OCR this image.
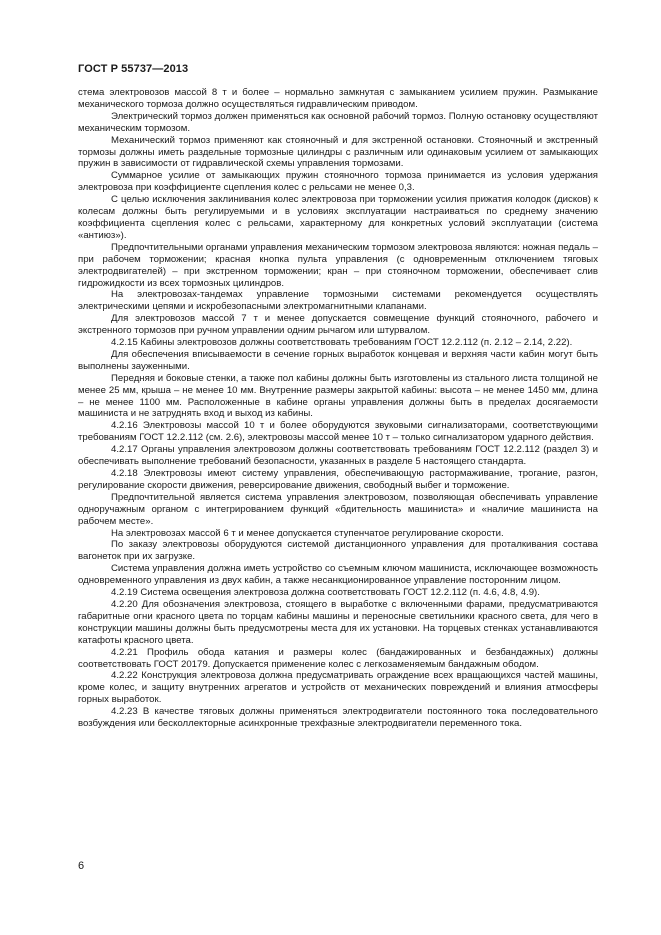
ГОСТ Р 55737—2013

стема электровозов массой 8 т и более – нормально замкнутая с замыканием усилием пружин. Размыкание механического тормоза должно осуществляться гидравлическим приводом.

Электрический тормоз должен применяться как основной рабочий тормоз. Полную остановку осуществляют механическим тормозом.

Механический тормоз применяют как стояночный и для экстренной остановки. Стояночный и экстренный тормозы должны иметь раздельные тормозные цилиндры с различным или одинаковым усилием от замыкающих пружин в зависимости от гидравлической схемы управления тормозами.

Суммарное усилие от замыкающих пружин стояночного тормоза принимается из условия удержания электровоза при коэффициенте сцепления колес с рельсами не менее 0,3.

С целью исключения заклинивания колес электровоза при торможении усилия прижатия колодок (дисков) к колесам должны быть регулируемыми и в условиях эксплуатации настраиваться по среднему значению коэффициента сцепления колес с рельсами, характерному для конкретных условий эксплуатации (система «антиюз»).

Предпочтительными органами управления механическим тормозом электровоза являются: ножная педаль – при рабочем торможении; красная кнопка пульта управления (с одновременным отключением тяговых электродвигателей) – при экстренном торможении; кран – при стояночном торможении, обеспечивает слив гидрожидкости из всех тормозных цилиндров.

На электровозах-тандемах управление тормозными системами рекомендуется осуществлять электрическими цепями и искробезопасными электромагнитными клапанами.

Для электровозов массой 7 т и менее допускается совмещение функций стояночного, рабочего и экстренного тормозов при ручном управлении одним рычагом или штурвалом.

4.2.15 Кабины электровозов должны соответствовать требованиям ГОСТ 12.2.112 (п. 2.12 – 2.14, 2.22).

Для обеспечения вписываемости в сечение горных выработок концевая и верхняя части кабин могут быть выполнены зауженными.

Передняя и боковые стенки, а также пол кабины должны быть изготовлены из стального листа толщиной не менее 25 мм, крыша – не менее 10 мм. Внутренние размеры закрытой кабины: высота – не менее 1450 мм, длина – не менее 1100 мм. Расположенные в кабине органы управления должны быть в пределах досягаемости машиниста и не затруднять вход и выход из кабины.

4.2.16 Электровозы массой 10 т и более оборудуются звуковыми сигнализаторами, соответствующими требованиям ГОСТ 12.2.112 (см. 2.6), электровозы массой менее 10 т – только сигнализатором ударного действия.

4.2.17 Органы управления электровозом должны соответствовать требованиям ГОСТ 12.2.112 (раздел 3) и обеспечивать выполнение требований безопасности, указанных в разделе 5 настоящего стандарта.

4.2.18 Электровозы имеют систему управления, обеспечивающую растормаживание, трогание, разгон, регулирование скорости движения, реверсирование движения, свободный выбег и торможение.

Предпочтительной является система управления электровозом, позволяющая обеспечивать управление одноручажным органом с интегрированием функций «бдительность машиниста» и «наличие машиниста на рабочем месте».

На электровозах массой 6 т и менее допускается ступенчатое регулирование скорости.

По заказу электровозы оборудуются системой дистанционного управления для проталкивания состава вагонеток при их загрузке.

Система управления должна иметь устройство со съемным ключом машиниста, исключающее возможность одновременного управления из двух кабин, а также несанкционированное управление посторонним лицом.

4.2.19 Система освещения электровоза должна соответствовать ГОСТ 12.2.112 (п. 4.6, 4.8, 4.9).

4.2.20 Для обозначения электровоза, стоящего в выработке с включенными фарами, предусматриваются габаритные огни красного цвета по торцам кабины машины и переносные светильники красного света, для чего в конструкции машины должны быть предусмотрены места для их установки. На торцевых стенках устанавливаются катафоты красного цвета.

4.2.21 Профиль обода катания и размеры колес (бандажированных и безбандажных) должны соответствовать ГОСТ 20179. Допускается применение колес с легкозаменяемым бандажным ободом.

4.2.22 Конструкция электровоза должна предусматривать ограждение всех вращающихся частей машины, кроме колес, и защиту внутренних агрегатов и устройств от механических повреждений и влияния атмосферы горных выработок.

4.2.23 В качестве тяговых должны применяться электродвигатели постоянного тока последовательного возбуждения или бесколлекторные асинхронные трехфазные электродвигатели переменного тока.

6
